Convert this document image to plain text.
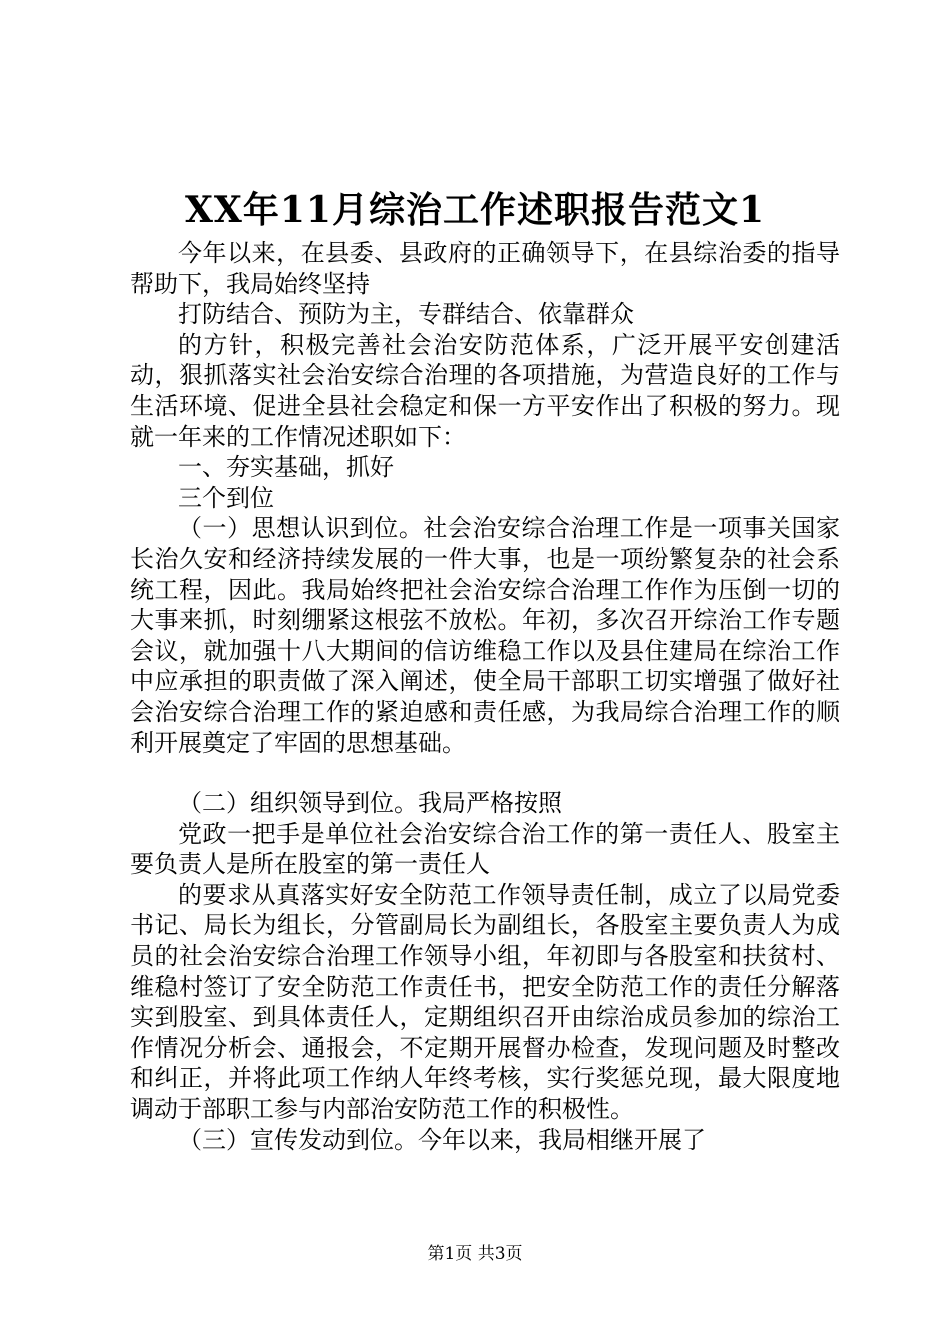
XX年11月综治工作述职报告范文1

今年以来，在县委、县政府的正确领导下，在县综治委的指导帮助下，我局始终坚持

打防结合、预防为主，专群结合、依靠群众

的方针，积极完善社会治安防范体系，广泛开展平安创建活动，狠抓落实社会治安综合治理的各项措施，为营造良好的工作与生活环境、促进全县社会稳定和保一方平安作出了积极的努力。现就一年来的工作情况述职如下：

一、夯实基础，抓好

三个到位

（一）思想认识到位。社会治安综合治理工作是一项事关国家长治久安和经济持续发展的一件大事，也是一项纷繁复杂的社会系统工程，因此。我局始终把社会治安综合治理工作作为压倒一切的大事来抓，时刻绷紧这根弦不放松。年初，多次召开综治工作专题会议，就加强十八大期间的信访维稳工作以及县住建局在综治工作中应承担的职责做了深入阐述，使全局干部职工切实增强了做好社会治安综合治理工作的紧迫感和责任感，为我局综合治理工作的顺利开展奠定了牢固的思想基础。

（二）组织领导到位。我局严格按照

党政一把手是单位社会治安综合治工作的第一责任人、股室主要负责人是所在股室的第一责任人

的要求从真落实好安全防范工作领导责任制，成立了以局党委书记、局长为组长，分管副局长为副组长，各股室主要负责人为成员的社会治安综合治理工作领导小组，年初即与各股室和扶贫村、维稳村签订了安全防范工作责任书，把安全防范工作的责任分解落实到股室、到具体责任人，定期组织召开由综治成员参加的综治工作情况分析会、通报会，不定期开展督办检查，发现问题及时整改和纠正，并将此项工作纳人年终考核，实行奖惩兑现，最大限度地调动于部职工参与内部治安防范工作的积极性。

（三）宣传发动到位。今年以来，我局相继开展了

第1页 共3页
